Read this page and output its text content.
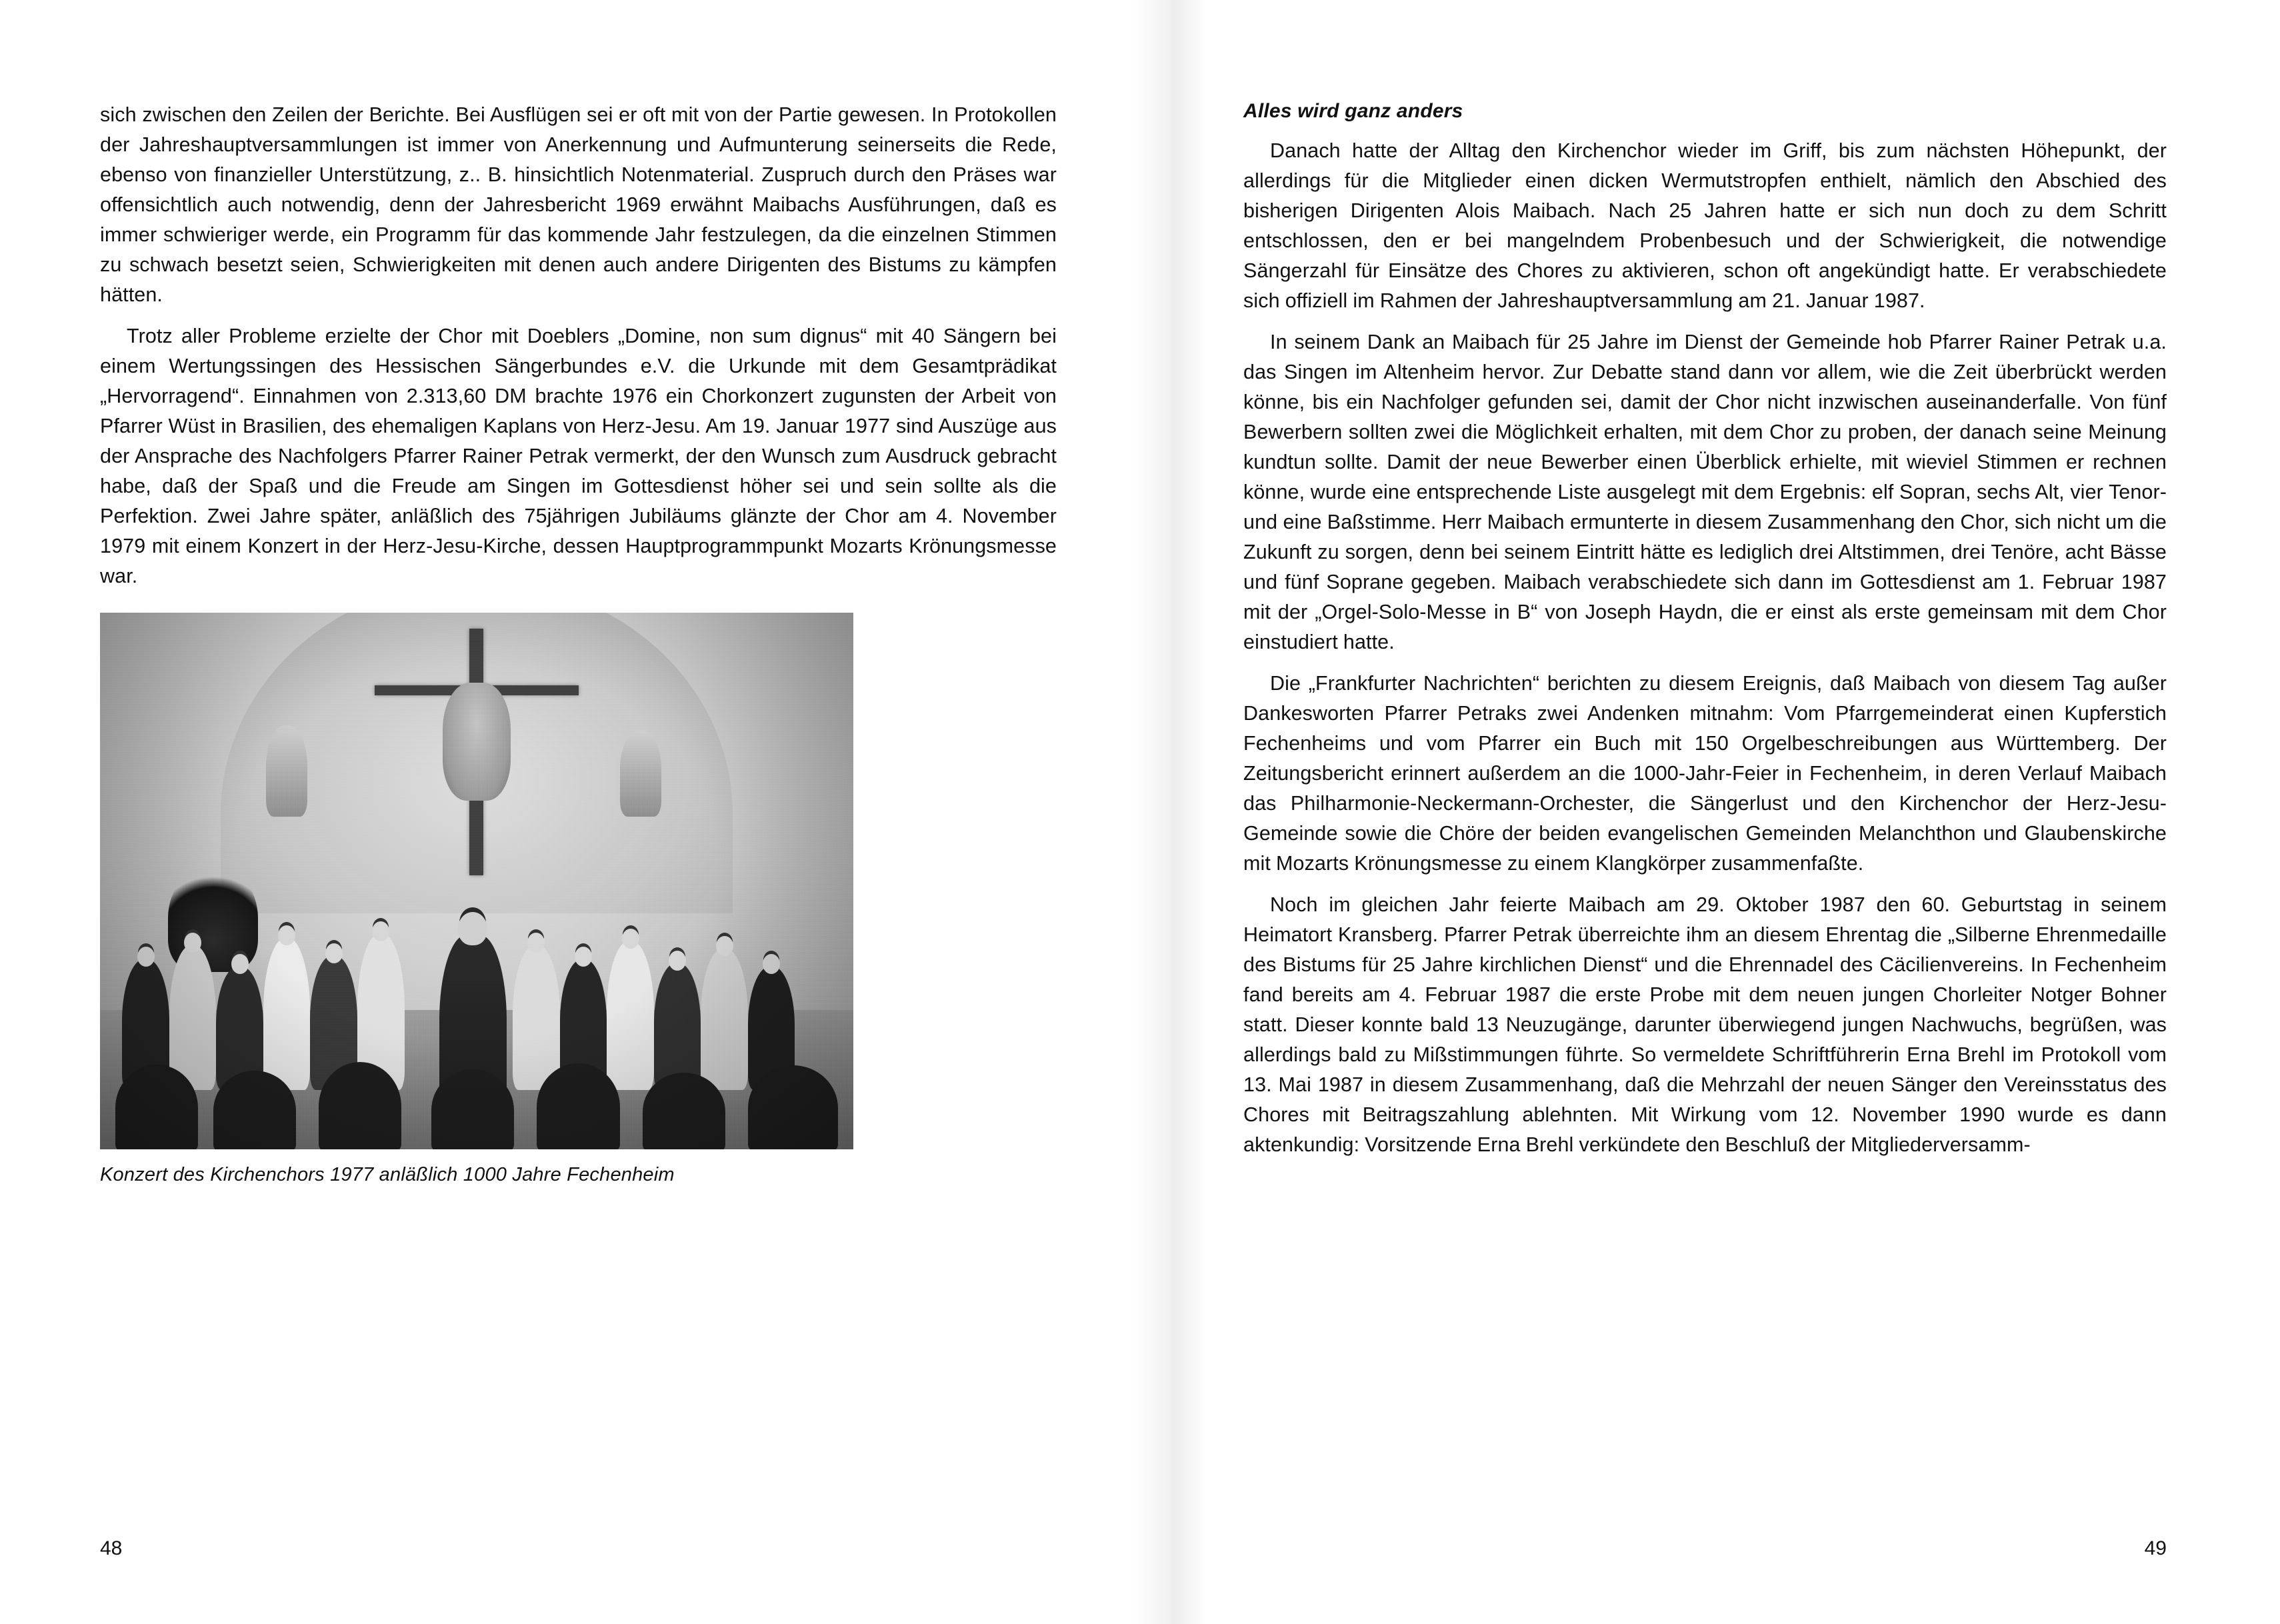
sich zwischen den Zeilen der Berichte. Bei Ausflügen sei er oft mit von der Partie gewesen. In Protokollen der Jahreshauptversammlungen ist immer von Anerkennung und Aufmunterung seinerseits die Rede, ebenso von finanzieller Unterstützung, z.. B. hinsichtlich Notenmaterial. Zuspruch durch den Präses war offensichtlich auch notwendig, denn der Jahresbericht 1969 erwähnt Maibachs Ausführungen, daß es immer schwieriger werde, ein Programm für das kommende Jahr festzulegen, da die einzelnen Stimmen zu schwach besetzt seien, Schwierigkeiten mit denen auch andere Dirigenten des Bistums zu kämpfen hätten.

Trotz aller Probleme erzielte der Chor mit Doeblers „Domine, non sum dignus“ mit 40 Sängern bei einem Wertungssingen des Hessischen Sängerbundes e.V. die Urkunde mit dem Gesamtprädikat „Hervorragend“. Einnahmen von 2.313,60 DM brachte 1976 ein Chorkonzert zugunsten der Arbeit von Pfarrer Wüst in Brasilien, des ehemaligen Kaplans von Herz-Jesu. Am 19. Januar 1977 sind Auszüge aus der Ansprache des Nachfolgers Pfarrer Rainer Petrak vermerkt, der den Wunsch zum Ausdruck gebracht habe, daß der Spaß und die Freude am Singen im Gottesdienst höher sei und sein sollte als die Perfektion. Zwei Jahre später, anläßlich des 75jährigen Jubiläums glänzte der Chor am 4. November 1979 mit einem Konzert in der Herz-Jesu-Kirche, dessen Hauptprogrammpunkt Mozarts Krönungsmesse war.

Konzert des Kirchenchors 1977 anläßlich 1000 Jahre Fechenheim
48
Alles wird ganz anders

Danach hatte der Alltag den Kirchenchor wieder im Griff, bis zum nächsten Höhepunkt, der allerdings für die Mitglieder einen dicken Wermutstropfen enthielt, nämlich den Abschied des bisherigen Dirigenten Alois Maibach. Nach 25 Jahren hatte er sich nun doch zu dem Schritt entschlossen, den er bei mangelndem Probenbesuch und der Schwierigkeit, die notwendige Sängerzahl für Einsätze des Chores zu aktivieren, schon oft angekündigt hatte. Er verabschiedete sich offiziell im Rahmen der Jahreshauptversammlung am 21. Januar 1987.

In seinem Dank an Maibach für 25 Jahre im Dienst der Gemeinde hob Pfarrer Rainer Petrak u.a. das Singen im Altenheim hervor. Zur Debatte stand dann vor allem, wie die Zeit überbrückt werden könne, bis ein Nachfolger gefunden sei, damit der Chor nicht inzwischen auseinanderfalle. Von fünf Bewerbern sollten zwei die Möglichkeit erhalten, mit dem Chor zu proben, der danach seine Meinung kundtun sollte. Damit der neue Bewerber einen Überblick erhielte, mit wieviel Stimmen er rechnen könne, wurde eine entsprechende Liste ausgelegt mit dem Ergebnis: elf Sopran, sechs Alt, vier Tenor- und eine Baßstimme. Herr Maibach ermunterte in diesem Zusammenhang den Chor, sich nicht um die Zukunft zu sorgen, denn bei seinem Eintritt hätte es lediglich drei Altstimmen, drei Tenöre, acht Bässe und fünf Soprane gegeben. Maibach verabschiedete sich dann im Gottesdienst am 1. Februar 1987 mit der „Orgel-Solo-Messe in B“ von Joseph Haydn, die er einst als erste gemeinsam mit dem Chor einstudiert hatte.

Die „Frankfurter Nachrichten“ berichten zu diesem Ereignis, daß Maibach von diesem Tag außer Dankesworten Pfarrer Petraks zwei Andenken mitnahm: Vom Pfarrgemeinderat einen Kupferstich Fechenheims und vom Pfarrer ein Buch mit 150 Orgelbeschreibungen aus Württemberg. Der Zeitungsbericht erinnert außerdem an die 1000-Jahr-Feier in Fechenheim, in deren Verlauf Maibach das Philharmonie-Neckermann-Orchester, die Sängerlust und den Kirchenchor der Herz-Jesu-Gemeinde sowie die Chöre der beiden evangelischen Gemeinden Melanchthon und Glaubenskirche mit Mozarts Krönungsmesse zu einem Klangkörper zusammenfaßte.

Noch im gleichen Jahr feierte Maibach am 29. Oktober 1987 den 60. Geburtstag in seinem Heimatort Kransberg. Pfarrer Petrak überreichte ihm an diesem Ehrentag die „Silberne Ehrenmedaille des Bistums für 25 Jahre kirchlichen Dienst“ und die Ehrennadel des Cäcilienvereins. In Fechenheim fand bereits am 4. Februar 1987 die erste Probe mit dem neuen jungen Chorleiter Notger Bohner statt. Dieser konnte bald 13 Neuzugänge, darunter überwiegend jungen Nachwuchs, begrüßen, was allerdings bald zu Mißstimmungen führte. So vermeldete Schriftführerin Erna Brehl im Protokoll vom 13. Mai 1987 in diesem Zusammenhang, daß die Mehrzahl der neuen Sänger den Vereinsstatus des Chores mit Beitragszahlung ablehnten. Mit Wirkung vom 12. November 1990 wurde es dann aktenkundig: Vorsitzende Erna Brehl verkündete den Beschluß der Mitgliederversamm-

49
